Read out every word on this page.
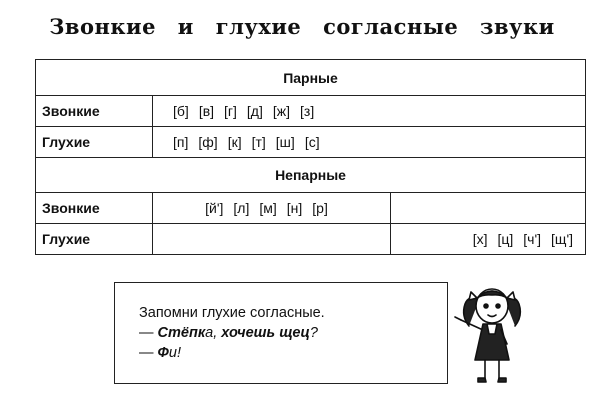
Звонкие и глухие согласные звуки
Парные		
Звонкие	[б] [в] [г] [д] [ж] [з]	
Глухие	[п] [ф] [к] [т] [ш] [с]	
Непарные		
Звонкие	[й'] [л] [м] [н] [р]	
Глухие		[х] [ц] [ч'] [щ']
Запомни глухие согласные.
— Стёпка, хочешь щец?
— Фи!
